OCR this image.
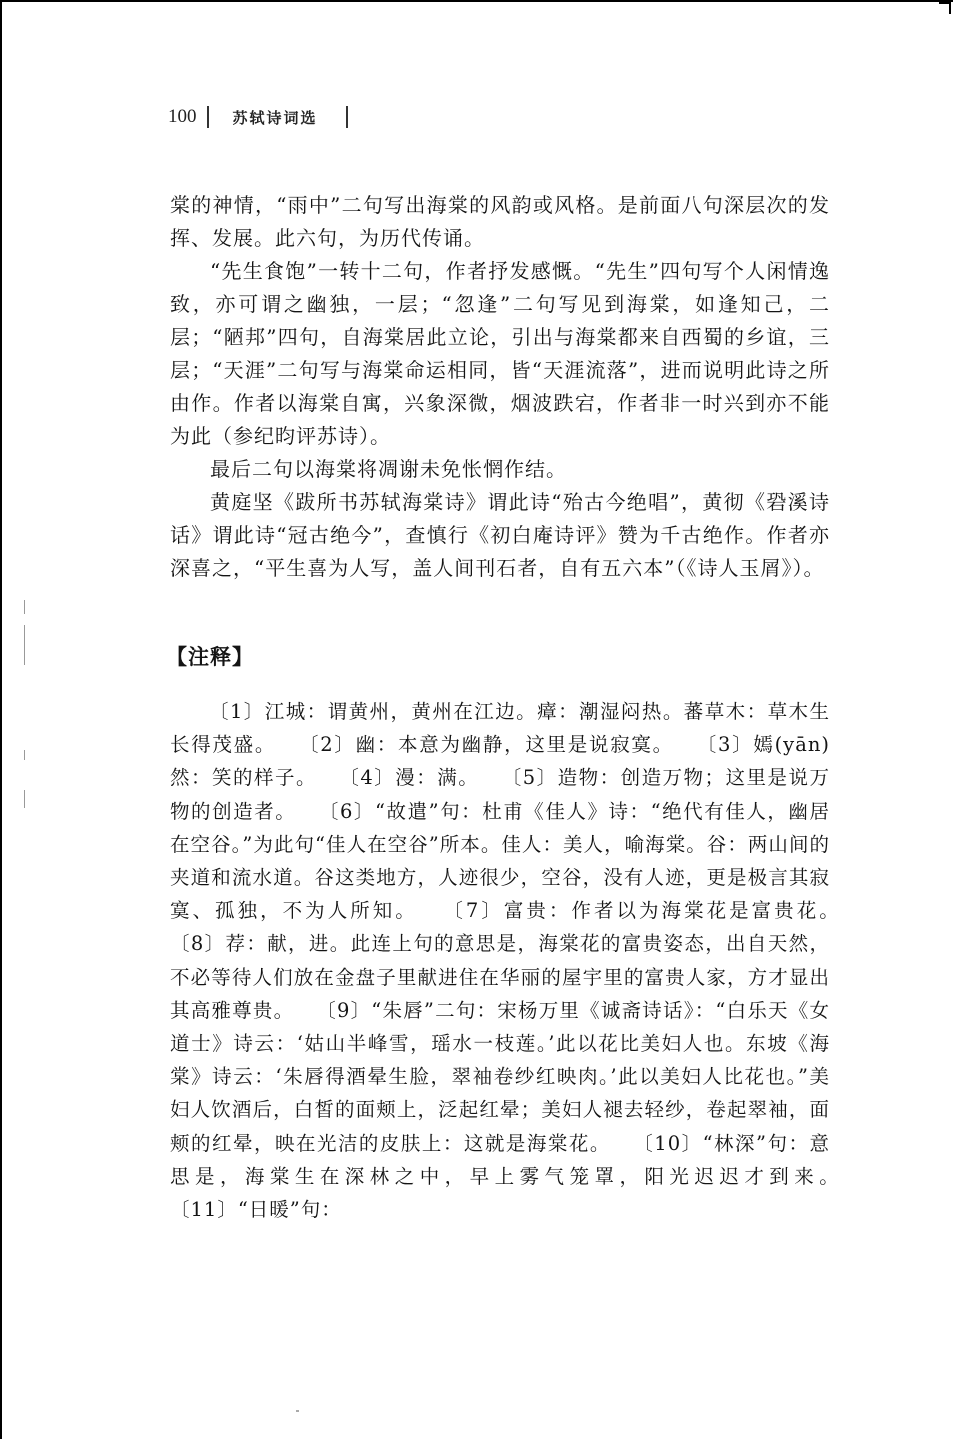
100 苏轼诗词选

棠的神情，“雨中”二句写出海棠的风韵或风格。是前面八句深层次的发挥、发展。此六句，为历代传诵。

“先生食饱”一转十二句，作者抒发感慨。“先生”四句写个人闲情逸致，亦可谓之幽独，一层；“忽逢”二句写见到海棠，如逢知己，二层；“陋邦”四句，自海棠居此立论，引出与海棠都来自西蜀的乡谊，三层；“天涯”二句写与海棠命运相同，皆“天涯流落”，进而说明此诗之所由作。作者以海棠自寓，兴象深微，烟波跌宕，作者非一时兴到亦不能为此（参纪昀评苏诗）。

最后二句以海棠将凋谢未免怅惘作结。

黄庭坚《跋所书苏轼海棠诗》谓此诗“殆古今绝唱”，黄彻《䂬溪诗话》谓此诗“冠古绝今”，查慎行《初白庵诗评》赞为千古绝作。作者亦深喜之，“平生喜为人写，盖人间刊石者，自有五六本”（《诗人玉屑》）。

【注释】

〔1〕江城：谓黄州，黄州在江边。瘴：潮湿闷热。蕃草木：草木生长得茂盛。　　〔2〕幽：本意为幽静，这里是说寂寞。　　〔3〕嫣(yān)然：笑的样子。　　〔4〕漫：满。　　〔5〕造物：创造万物；这里是说万物的创造者。　　〔6〕“故遣”句：杜甫《佳人》诗：“绝代有佳人，幽居在空谷。”为此句“佳人在空谷”所本。佳人：美人，喻海棠。谷：两山间的夹道和流水道。谷这类地方，人迹很少，空谷，没有人迹，更是极言其寂寞、孤独，不为人所知。　　〔7〕富贵：作者以为海棠花是富贵花。　　〔8〕荐：献，进。此连上句的意思是，海棠花的富贵姿态，出自天然，不必等待人们放在金盘子里献进住在华丽的屋宇里的富贵人家，方才显出其高雅尊贵。　　〔9〕“朱唇”二句：宋杨万里《诚斋诗话》：“白乐天《女道士》诗云：‘姑山半峰雪，瑶水一枝莲。’此以花比美妇人也。东坡《海棠》诗云：‘朱唇得酒晕生脸，翠袖卷纱红映肉。’此以美妇人比花也。”美妇人饮酒后，白皙的面颊上，泛起红晕；美妇人褪去轻纱，卷起翠袖，面颊的红晕，映在光洁的皮肤上：这就是海棠花。　　〔10〕“林深”句：意思是，海棠生在深林之中，早上雾气笼罩，阳光迟迟才到来。　　〔11〕“日暖”句：
